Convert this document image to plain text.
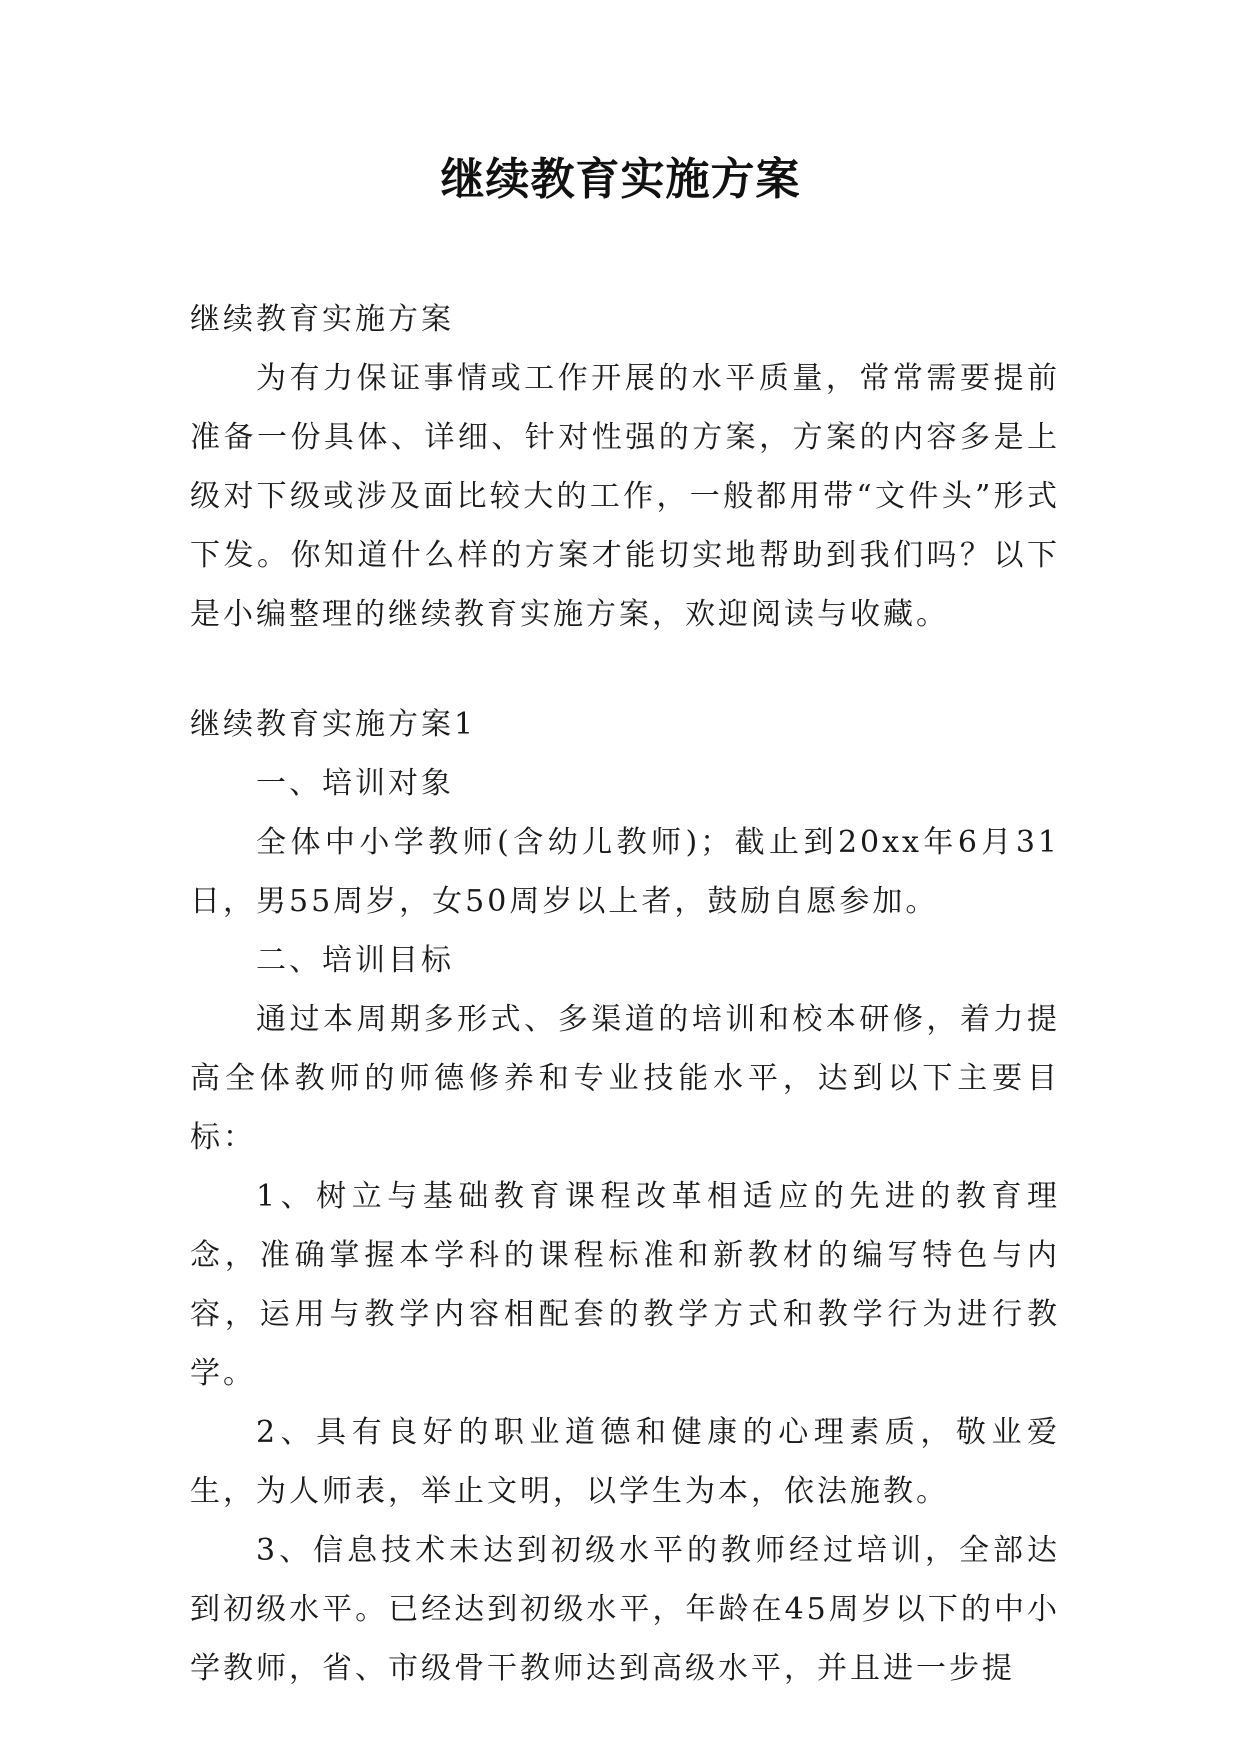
继续教育实施方案

继续教育实施方案

为有力保证事情或工作开展的水平质量，常常需要提前准备一份具体、详细、针对性强的方案，方案的内容多是上级对下级或涉及面比较大的工作，一般都用带“文件头”形式下发。你知道什么样的方案才能切实地帮助到我们吗？以下是小编整理的继续教育实施方案，欢迎阅读与收藏。

继续教育实施方案1

一、培训对象

全体中小学教师(含幼儿教师)；截止到20xx年6月31日，男55周岁，女50周岁以上者，鼓励自愿参加。

二、培训目标

通过本周期多形式、多渠道的培训和校本研修，着力提高全体教师的师德修养和专业技能水平，达到以下主要目标：

1、树立与基础教育课程改革相适应的先进的教育理念，准确掌握本学科的课程标准和新教材的编写特色与内容，运用与教学内容相配套的教学方式和教学行为进行教学。

2、具有良好的职业道德和健康的心理素质，敬业爱生，为人师表，举止文明，以学生为本，依法施教。

3、信息技术未达到初级水平的教师经过培训，全部达到初级水平。已经达到初级水平，年龄在45周岁以下的中小学教师，省、市级骨干教师达到高级水平，并且进一步提
